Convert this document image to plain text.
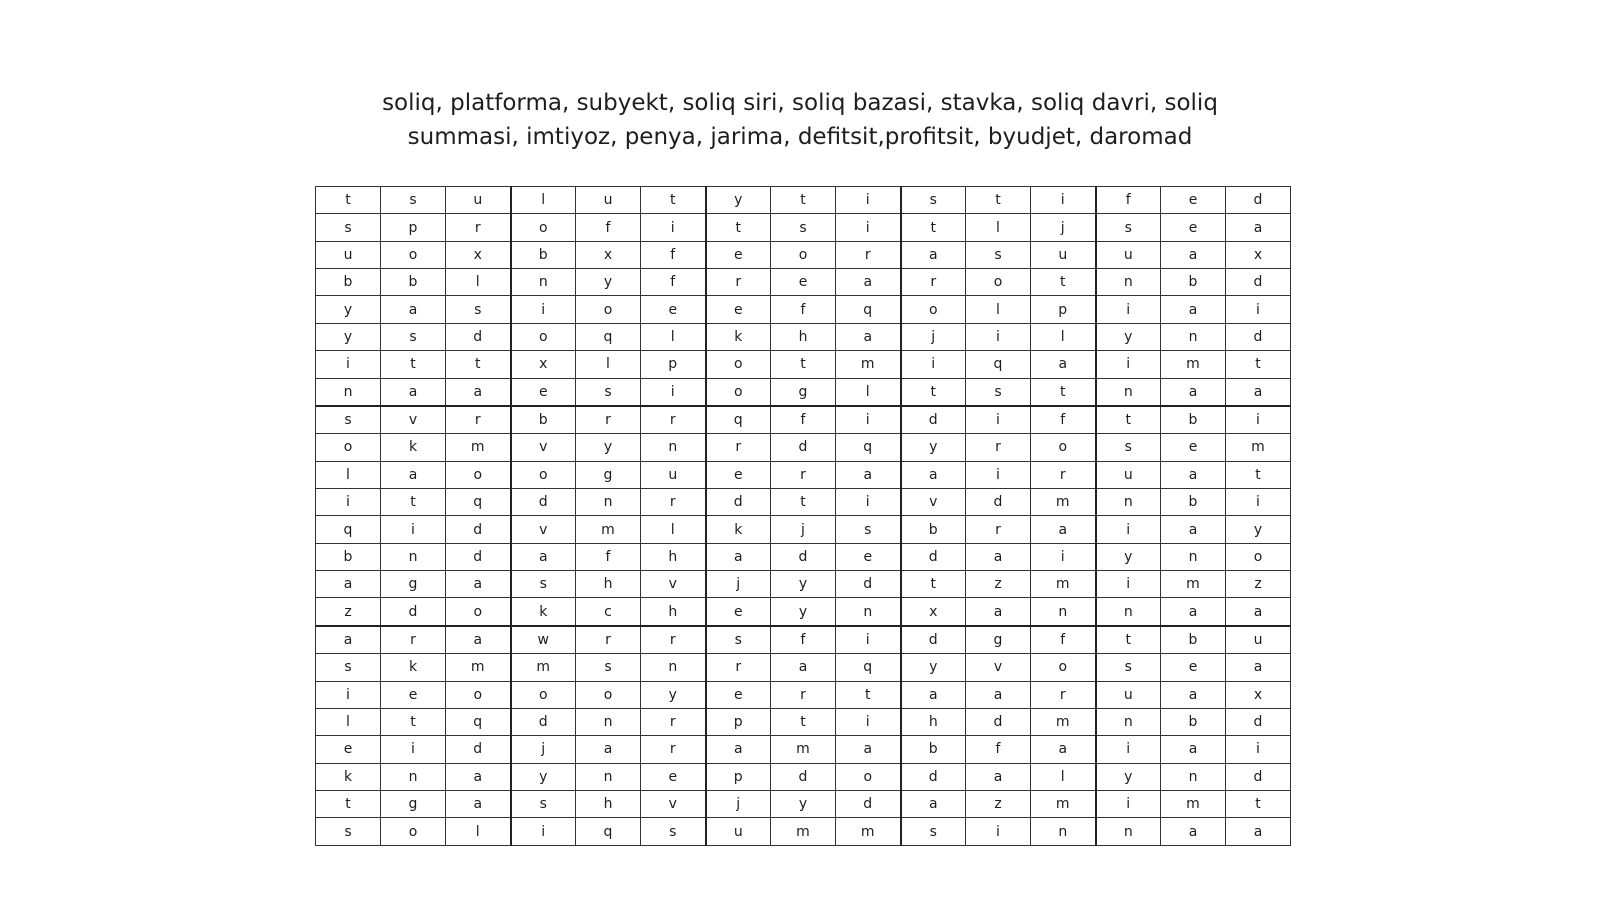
soliq, platforma, subyekt, soliq siri, soliq bazasi, stavka, soliq davri, soliq summasi, imtiyoz, penya, jarima, defitsit,profitsit, byudjet, daromad
t	s	u	l	u	t	y	t	i	s	t	i	f	e	d
s	p	r	o	f	i	t	s	i	t	l	j	s	e	a
u	o	x	b	x	f	e	o	r	a	s	u	u	a	x
b	b	l	n	y	f	r	e	a	r	o	t	n	b	d
y	a	s	i	o	e	e	f	q	o	l	p	i	a	i
y	s	d	o	q	l	k	h	a	j	i	l	y	n	d
i	t	t	x	l	p	o	t	m	i	q	a	i	m	t
n	a	a	e	s	i	o	g	l	t	s	t	n	a	a
s	v	r	b	r	r	q	f	i	d	i	f	t	b	i
o	k	m	v	y	n	r	d	q	y	r	o	s	e	m
l	a	o	o	g	u	e	r	a	a	i	r	u	a	t
i	t	q	d	n	r	d	t	i	v	d	m	n	b	i
q	i	d	v	m	l	k	j	s	b	r	a	i	a	y
b	n	d	a	f	h	a	d	e	d	a	i	y	n	o
a	g	a	s	h	v	j	y	d	t	z	m	i	m	z
z	d	o	k	c	h	e	y	n	x	a	n	n	a	a
a	r	a	w	r	r	s	f	i	d	g	f	t	b	u
s	k	m	m	s	n	r	a	q	y	v	o	s	e	a
i	e	o	o	o	y	e	r	t	a	a	r	u	a	x
l	t	q	d	n	r	p	t	i	h	d	m	n	b	d
e	i	d	j	a	r	a	m	a	b	f	a	i	a	i
k	n	a	y	n	e	p	d	o	d	a	l	y	n	d
t	g	a	s	h	v	j	y	d	a	z	m	i	m	t
s	o	l	i	q	s	u	m	m	s	i	n	n	a	a
